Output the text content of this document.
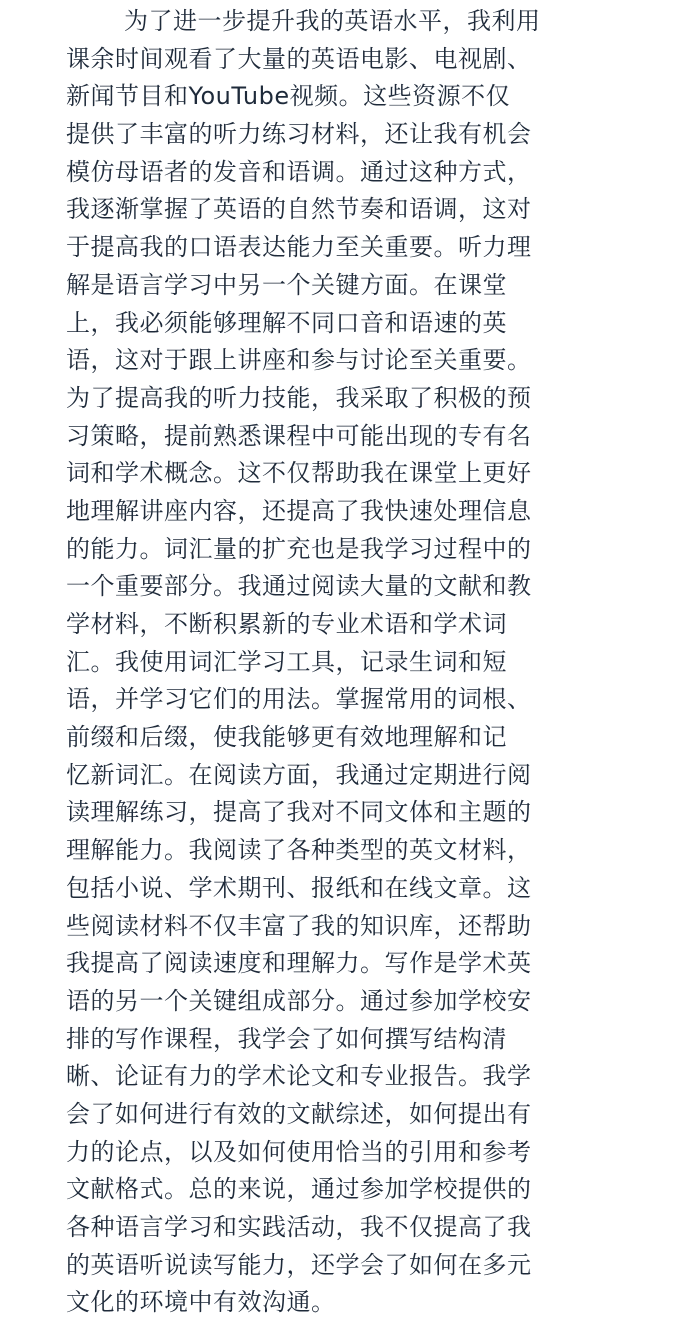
为了进一步提升我的英语水平，我利用
课余时间观看了大量的英语电影、电视剧、
新闻节目和YouTube视频。这些资源不仅
提供了丰富的听力练习材料，还让我有机会
模仿母语者的发音和语调。通过这种方式，
我逐渐掌握了英语的自然节奏和语调，这对
于提高我的口语表达能力至关重要。听力理
解是语言学习中另一个关键方面。在课堂
上，我必须能够理解不同口音和语速的英
语，这对于跟上讲座和参与讨论至关重要。
为了提高我的听力技能，我采取了积极的预
习策略，提前熟悉课程中可能出现的专有名
词和学术概念。这不仅帮助我在课堂上更好
地理解讲座内容，还提高了我快速处理信息
的能力。词汇量的扩充也是我学习过程中的
一个重要部分。我通过阅读大量的文献和教
学材料，不断积累新的专业术语和学术词
汇。我使用词汇学习工具，记录生词和短
语，并学习它们的用法。掌握常用的词根、
前缀和后缀，使我能够更有效地理解和记
忆新词汇。在阅读方面，我通过定期进行阅
读理解练习，提高了我对不同文体和主题的
理解能力。我阅读了各种类型的英文材料，
包括小说、学术期刊、报纸和在线文章。这
些阅读材料不仅丰富了我的知识库，还帮助
我提高了阅读速度和理解力。写作是学术英
语的另一个关键组成部分。通过参加学校安
排的写作课程，我学会了如何撰写结构清
晰、论证有力的学术论文和专业报告。我学
会了如何进行有效的文献综述，如何提出有
力的论点，以及如何使用恰当的引用和参考
文献格式。总的来说，通过参加学校提供的
各种语言学习和实践活动，我不仅提高了我
的英语听说读写能力，还学会了如何在多元
文化的环境中有效沟通。
